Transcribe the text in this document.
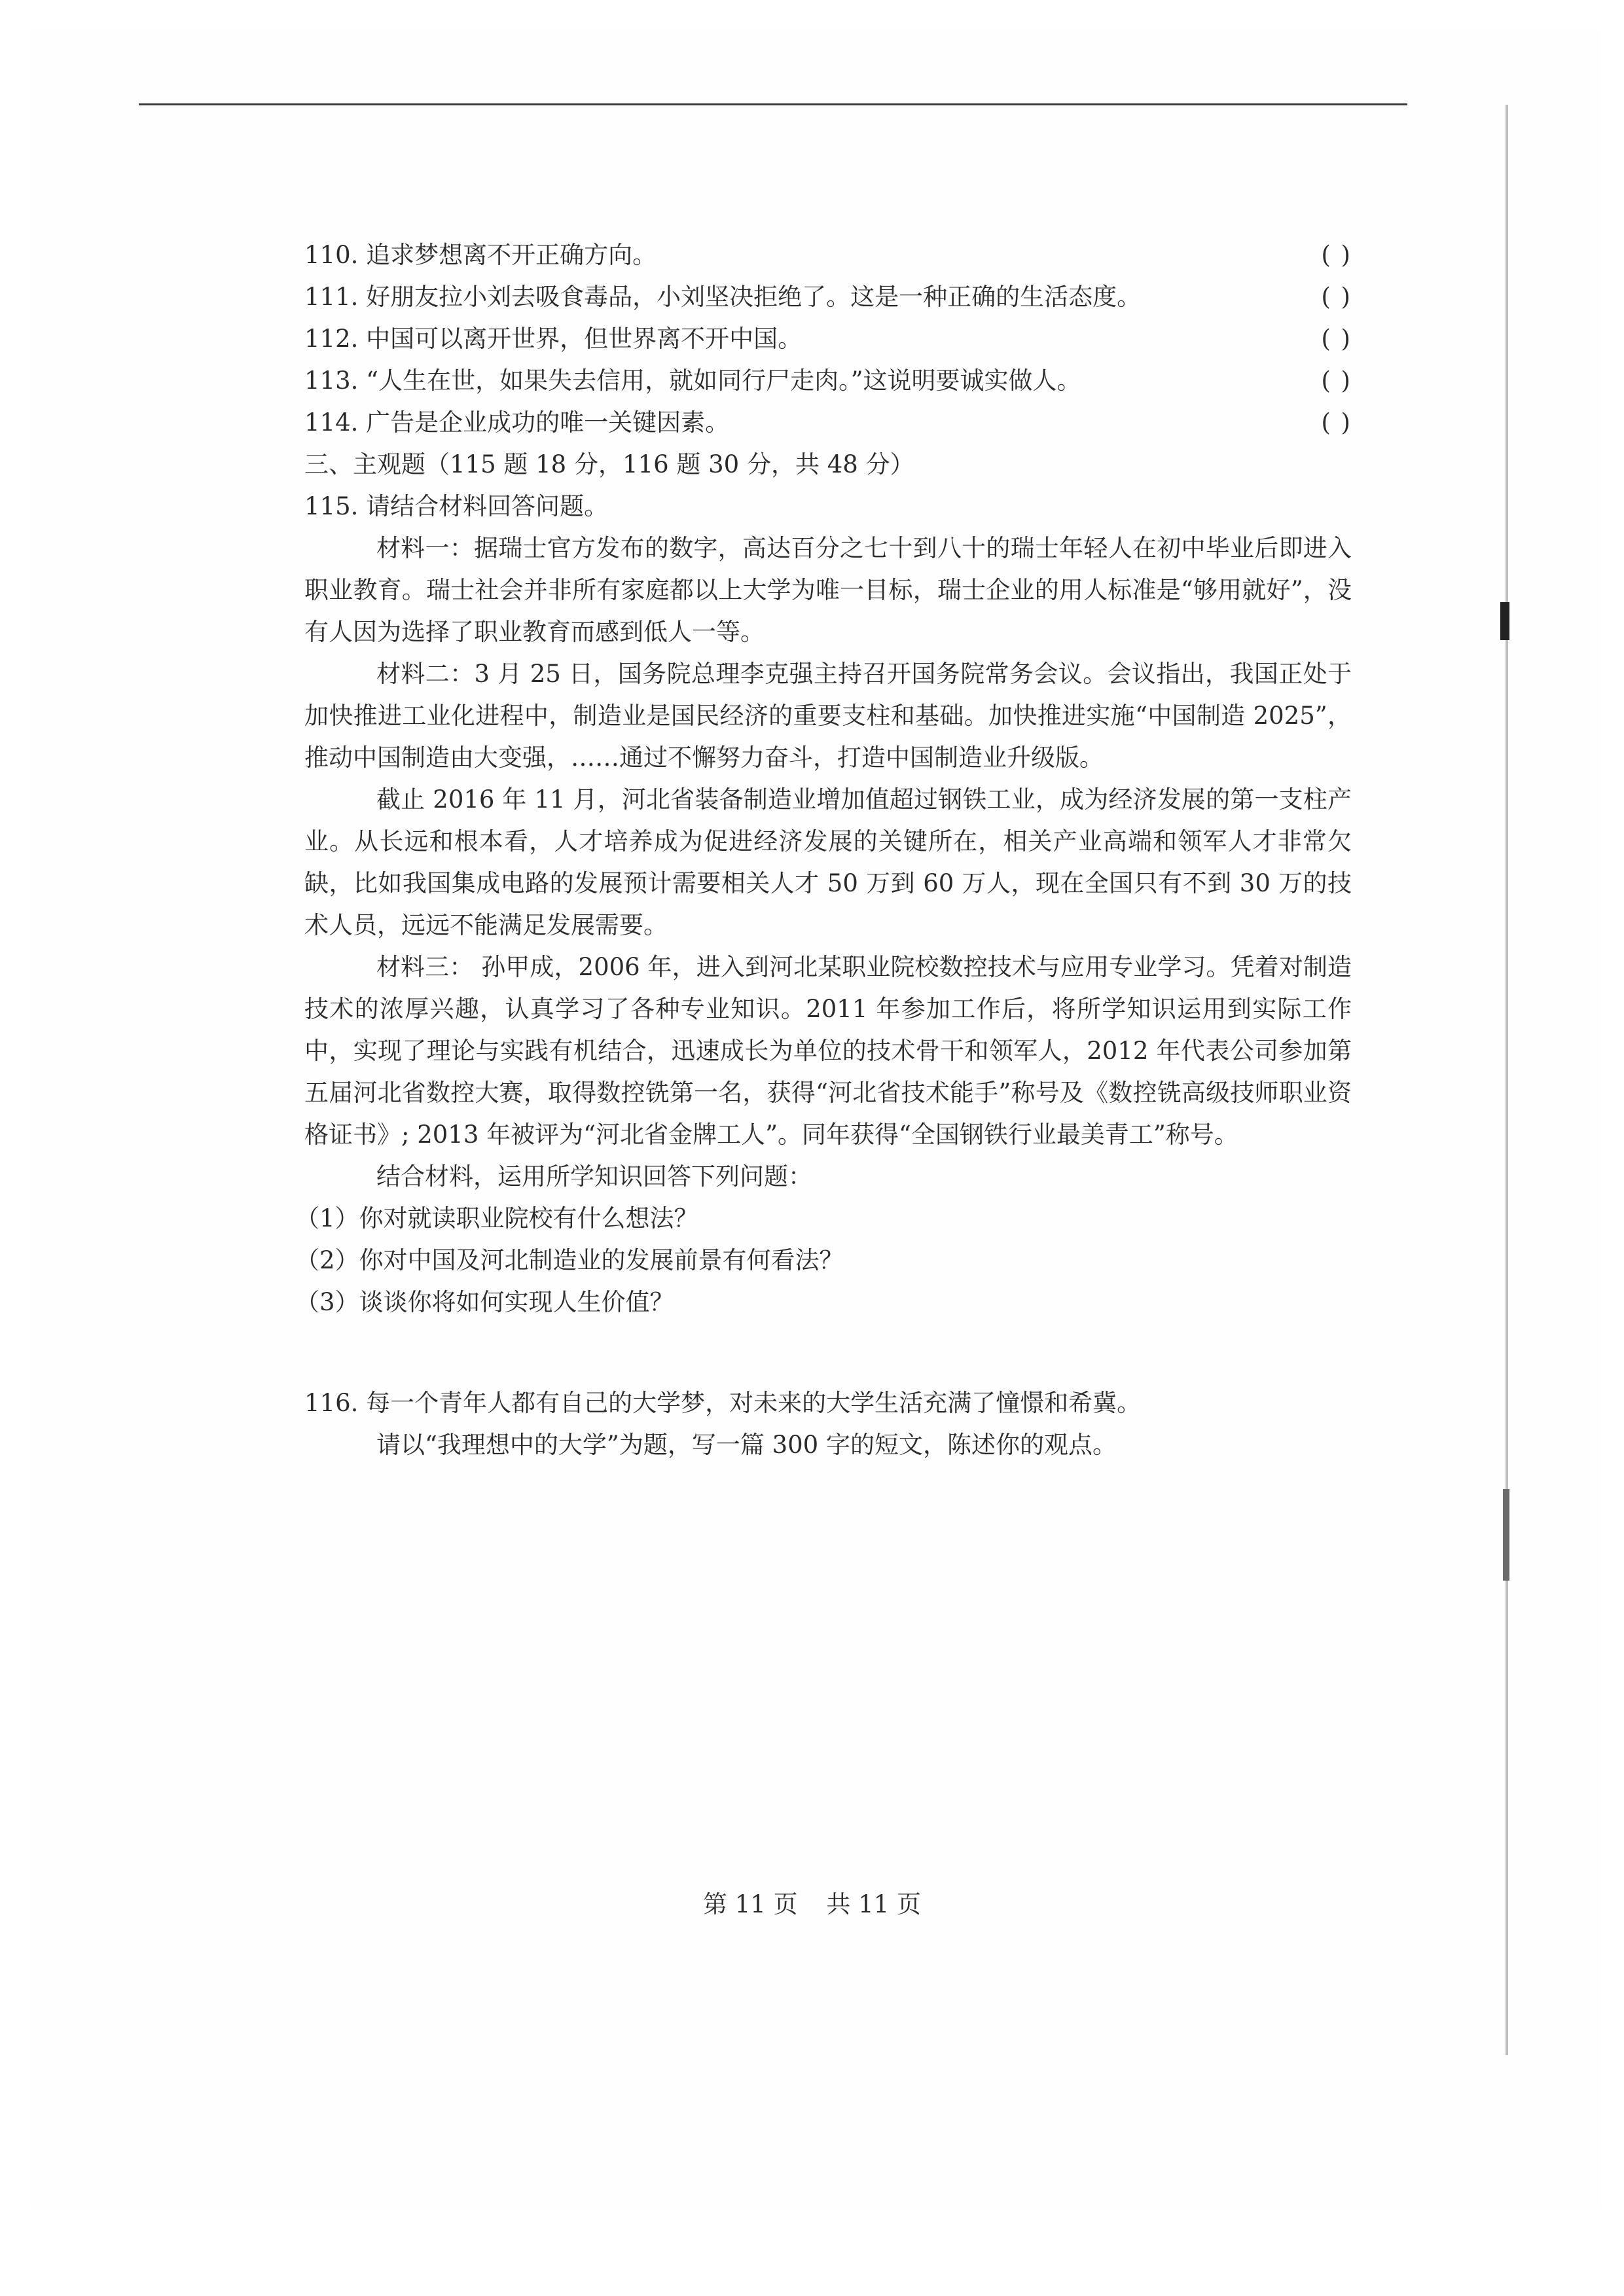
110. 追求梦想离不开正确方向。	( )
111. 好朋友拉小刘去吸食毒品，小刘坚决拒绝了。这是一种正确的生活态度。	( )
112. 中国可以离开世界，但世界离不开中国。	( )
113. “人生在世，如果失去信用，就如同行尸走肉。”这说明要诚实做人。	( )
114. 广告是企业成功的唯一关键因素。	( )
三、主观题（115 题 18 分，116 题 30 分，共 48 分）
115. 请结合材料回答问题。

材料一：据瑞士官方发布的数字，高达百分之七十到八十的瑞士年轻人在初中毕业后即进入职业教育。瑞士社会并非所有家庭都以上大学为唯一目标，瑞士企业的用人标准是“够用就好”，没有人因为选择了职业教育而感到低人一等。

材料二：3 月 25 日，国务院总理李克强主持召开国务院常务会议。会议指出，我国正处于加快推进工业化进程中，制造业是国民经济的重要支柱和基础。加快推进实施“中国制造 2025”，推动中国制造由大变强，……通过不懈努力奋斗，打造中国制造业升级版。

截止 2016 年 11 月，河北省装备制造业增加值超过钢铁工业，成为经济发展的第一支柱产业。从长远和根本看，人才培养成为促进经济发展的关键所在，相关产业高端和领军人才非常欠缺，比如我国集成电路的发展预计需要相关人才 50 万到 60 万人，现在全国只有不到 30 万的技术人员，远远不能满足发展需要。

材料三： 孙甲成，2006 年，进入到河北某职业院校数控技术与应用专业学习。凭着对制造技术的浓厚兴趣，认真学习了各种专业知识。2011 年参加工作后，将所学知识运用到实际工作中，实现了理论与实践有机结合，迅速成长为单位的技术骨干和领军人，2012 年代表公司参加第五届河北省数控大赛，取得数控铣第一名，获得“河北省技术能手”称号及《数控铣高级技师职业资格证书》; 2013 年被评为“河北省金牌工人”。同年获得“全国钢铁行业最美青工”称号。

结合材料，运用所学知识回答下列问题：
（1）你对就读职业院校有什么想法？
（2）你对中国及河北制造业的发展前景有何看法？
（3）谈谈你将如何实现人生价值？
116. 每一个青年人都有自己的大学梦，对未来的大学生活充满了憧憬和希冀。
请以“我理想中的大学”为题，写一篇 300 字的短文，陈述你的观点。
第 11 页 共 11 页
